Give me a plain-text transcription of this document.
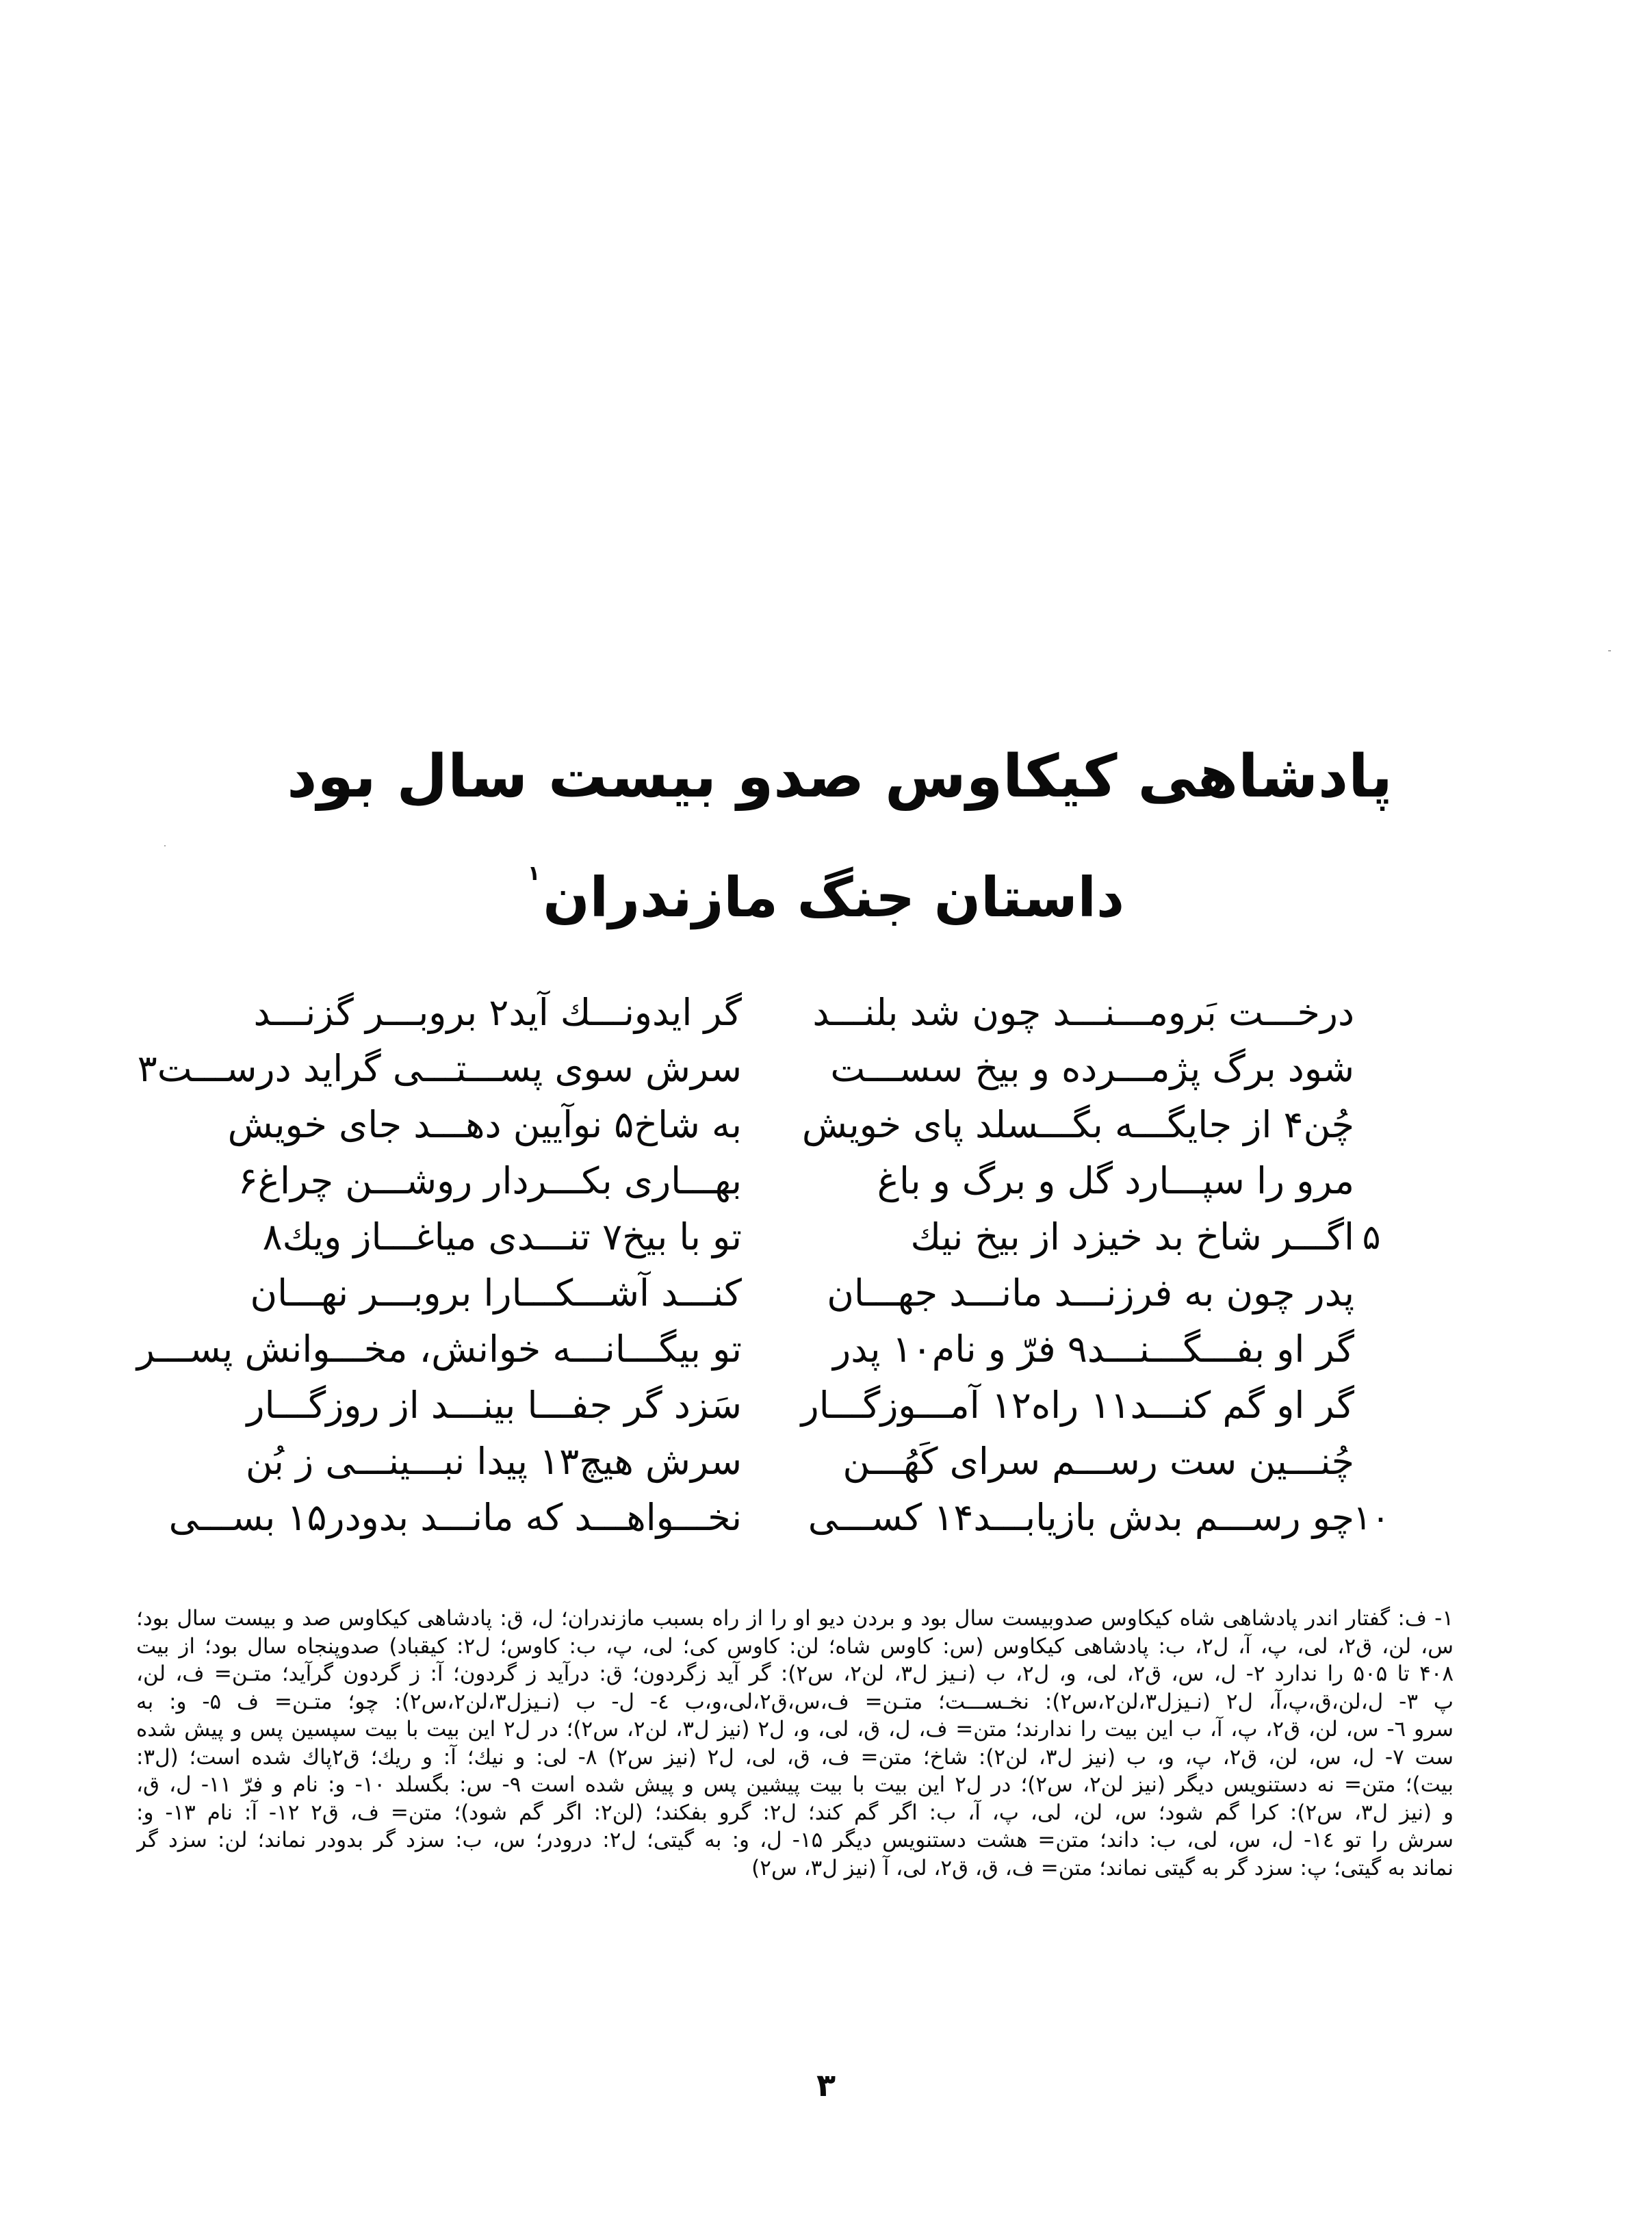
پادشاهی کیکاوس صدو بیست سال بود
داستان جنگ مازندران$^۱$
درخـــت بَرومـــنـــد چون شد بلنـــد
گر ایدونـــك آید۲ بروبـــر گزنـــد
شود برگ پژمـــرده و بیخ سســـت
سرش سوی پســـتـــی گراید درســـت۳
چُن۴ از جایگـــه بگـــسلد پای خویش
به شاخ۵ نوآیین دهـــد جای خویش
مرو را سپـــارد گل و برگ و باغ
بهـــاری بکـــردار روشـــن چراغ۶
۵
اگـــر شاخ بد خیزد از بیخ نیك
تو با بیخ۷ تنـــدی میاغـــاز ویك۸
پدر چون به فرزنـــد مانـــد جهـــان
کنـــد آشـــکـــارا بروبـــر نهـــان
گر او بفـــگـــنـــد۹ فرّ و نام۱۰ پدر
تو بیگـــانـــه خوانش، مخـــوانش پســـر
گر او گم کنـــد۱۱ راه۱۲ آمـــوزگـــار
سَزد گر جفـــا بینـــد از روزگـــار
چُنـــین ست رســـم سرای کَهُـــن
سرش هیچ۱۳ پیدا نبـــینـــی ز بُن
۱۰
چو رســـم بدش بازیابـــد۱۴ کســـی
نخـــواهـــد که مانـــد بدودر۱۵ بســـی
۱- ف: گفتار اندر پادشاهی شاه کیکاوس صدوبیست سال بود و بردن دیو او را از راه بسبب مازندران؛ ل، ق: پادشاهی کیکاوس صد و بیست سال بود؛
س، لن، ق۲، لی، پ، آ، ل۲، ب: پادشاهی کیکاوس (س: کاوس شاه؛ لن: کاوس کی؛ لی، پ، ب: کاوس؛ ل۲: کیقباد) صدوپنجاه سال بود؛ از بیت
۴۰۸ تا ۵۰۵ را ندارد ۲- ل، س، ق۲، لی، و، ل۲، ب (نـیز ل۳، لن۲، س۲): گر آید زگردون؛ ق: درآید ز گردون؛ آ: ز گردون گرآید؛ متـن= ف، لن،
پ ۳- ل،لن،ق،پ،آ، ل۲ (نـیزل۳،لن۲،س۲): نخـســـت؛ متـن= ف،س،ق۲،لی،و،ب ٤- ل- ب (نـیزل۳،لن۲،س۲): چو؛ متـن= ف ۵- و: به
سرو ٦- س، لن، ق۲، پ، آ، ب این بیت را ندارند؛ متن= ف، ل، ق، لی، و، ل۲ (نیز ل۳، لن۲، س۲)؛ در ل۲ این بیت با بیت سپسین پس و پیش شده
ست ۷- ل، س، لن، ق۲، پ، و، ب (نیز ل۳، لن۲): شاخ؛ متن= ف، ق، لی، ل۲ (نیز س۲) ۸- لی: و نیك؛ آ: و ریك؛ ق۲پاك شده است؛ (ل۳:
بیت)؛ متن= نه دستنویس دیگر (نیز لن۲، س۲)؛ در ل۲ این بیت با بیت پیشین پس و پیش شده است ۹- س: بگسلد ۱۰- و: نام و فرّ ۱۱- ل، ق،
و (نیز ل۳، س۲): کرا گم شود؛ س، لن، لی، پ، آ، ب: اگر گم کند؛ ل۲: گرو بفکند؛ (لن۲: اگر گم شود)؛ متن= ف، ق۲ ۱۲- آ: نام ۱۳- و:
سرش را تو ۱٤- ل، س، لی، ب: داند؛ متن= هشت دستنویس دیگر ۱۵- ل، و: به گیتی؛ ل۲: درودر؛ س، ب: سزد گر بدودر نماند؛ لن: سزد گر
نماند به گیتی؛ پ: سزد گر به گیتی نماند؛ متن= ف، ق، ق۲، لی، آ (نیز ل۳، س۲)
۳
